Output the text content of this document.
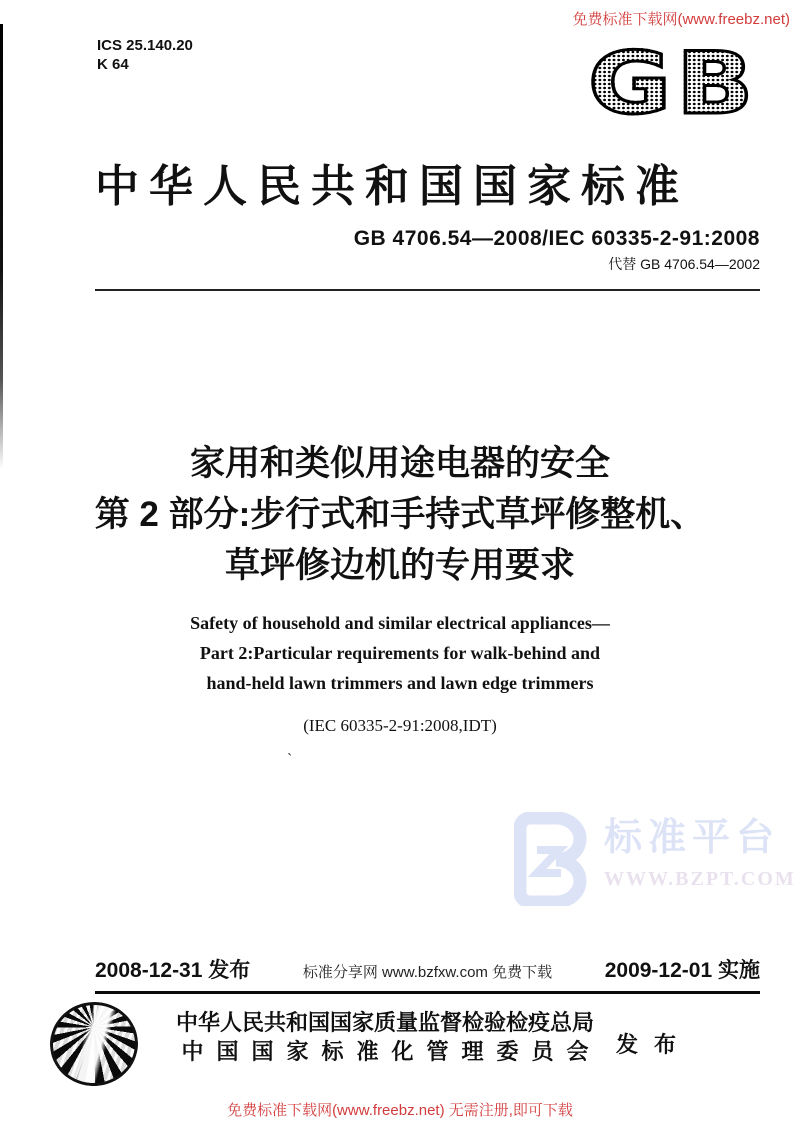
免费标准下载网(www.freebz.net)
ICS 25.140.20
K 64	GB
中华人民共和国国家标准
GB 4706.54—2008/IEC 60335-2-91:2008
代替 GB 4706.54—2002
家用和类似用途电器的安全
第 2 部分:步行式和手持式草坪修整机、
草坪修边机的专用要求
Safety of household and similar electrical appliances—
Part 2:Particular requirements for walk-behind and
hand-held lawn trimmers and lawn edge trimmers
(IEC 60335-2-91:2008,IDT)
`
标准平台
WWW.BZPT.COM
2008-12-31 发布	标准分享网 www.bzfxw.com 免费下载	2009-12-01 实施
中华人民共和国国家质量监督检验检疫总局
中国国家标准化管理委员会 发布
免费标准下载网(www.freebz.net) 无需注册,即可下载
